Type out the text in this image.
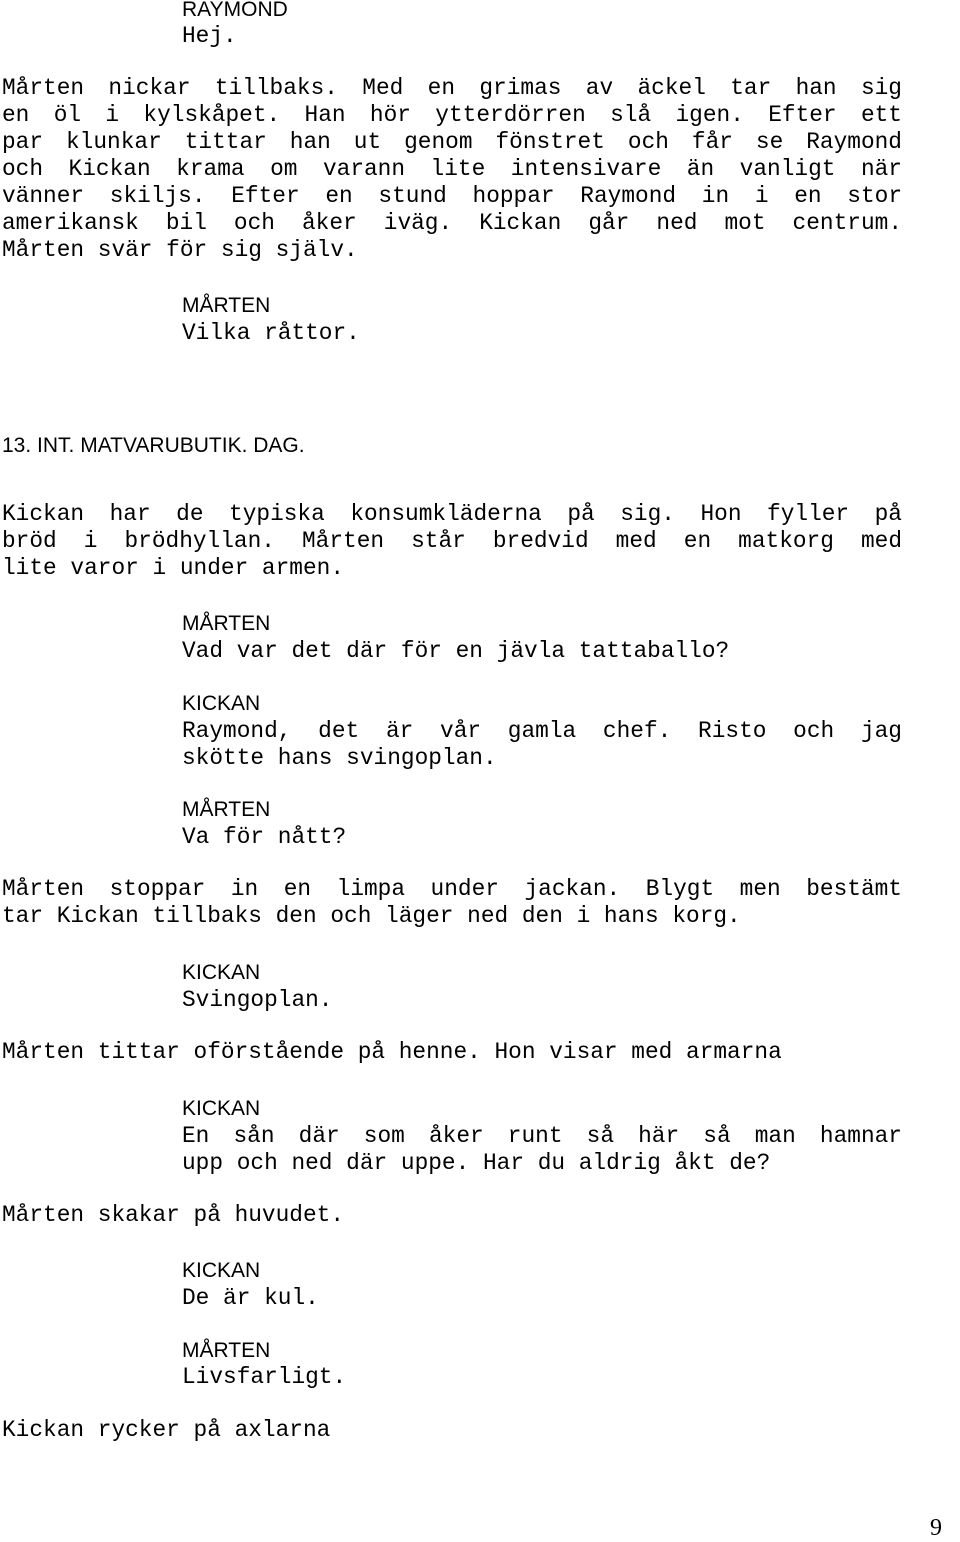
RAYMOND
Hej.
Mårten nickar tillbaks. Med en grimas av äckel tar han sig
en öl i kylskåpet. Han hör ytterdörren slå igen. Efter ett
par klunkar tittar han ut genom fönstret och får se Raymond
och Kickan krama om varann lite intensivare än vanligt när
vänner skiljs. Efter en stund hoppar Raymond in i en stor
amerikansk bil och åker iväg. Kickan går ned mot centrum.
Mårten svär för sig själv.
MÅRTEN
Vilka råttor.
13. INT. MATVARUBUTIK. DAG.
Kickan har de typiska konsumkläderna på sig. Hon fyller på
bröd i brödhyllan. Mårten står bredvid med en matkorg med
lite varor i under armen.
MÅRTEN
Vad var det där för en jävla tattaballo?
KICKAN
Raymond, det är vår gamla chef. Risto och jag
skötte hans svingoplan.
MÅRTEN
Va för nått?
Mårten stoppar in en limpa under jackan. Blygt men bestämt
tar Kickan tillbaks den och läger ned den i hans korg.
KICKAN
Svingoplan.
Mårten tittar oförstående på henne. Hon visar med armarna
KICKAN
En sån där som åker runt så här så man hamnar
upp och ned där uppe. Har du aldrig åkt de?
Mårten skakar på huvudet.
KICKAN
De är kul.
MÅRTEN
Livsfarligt.
Kickan rycker på axlarna
9
